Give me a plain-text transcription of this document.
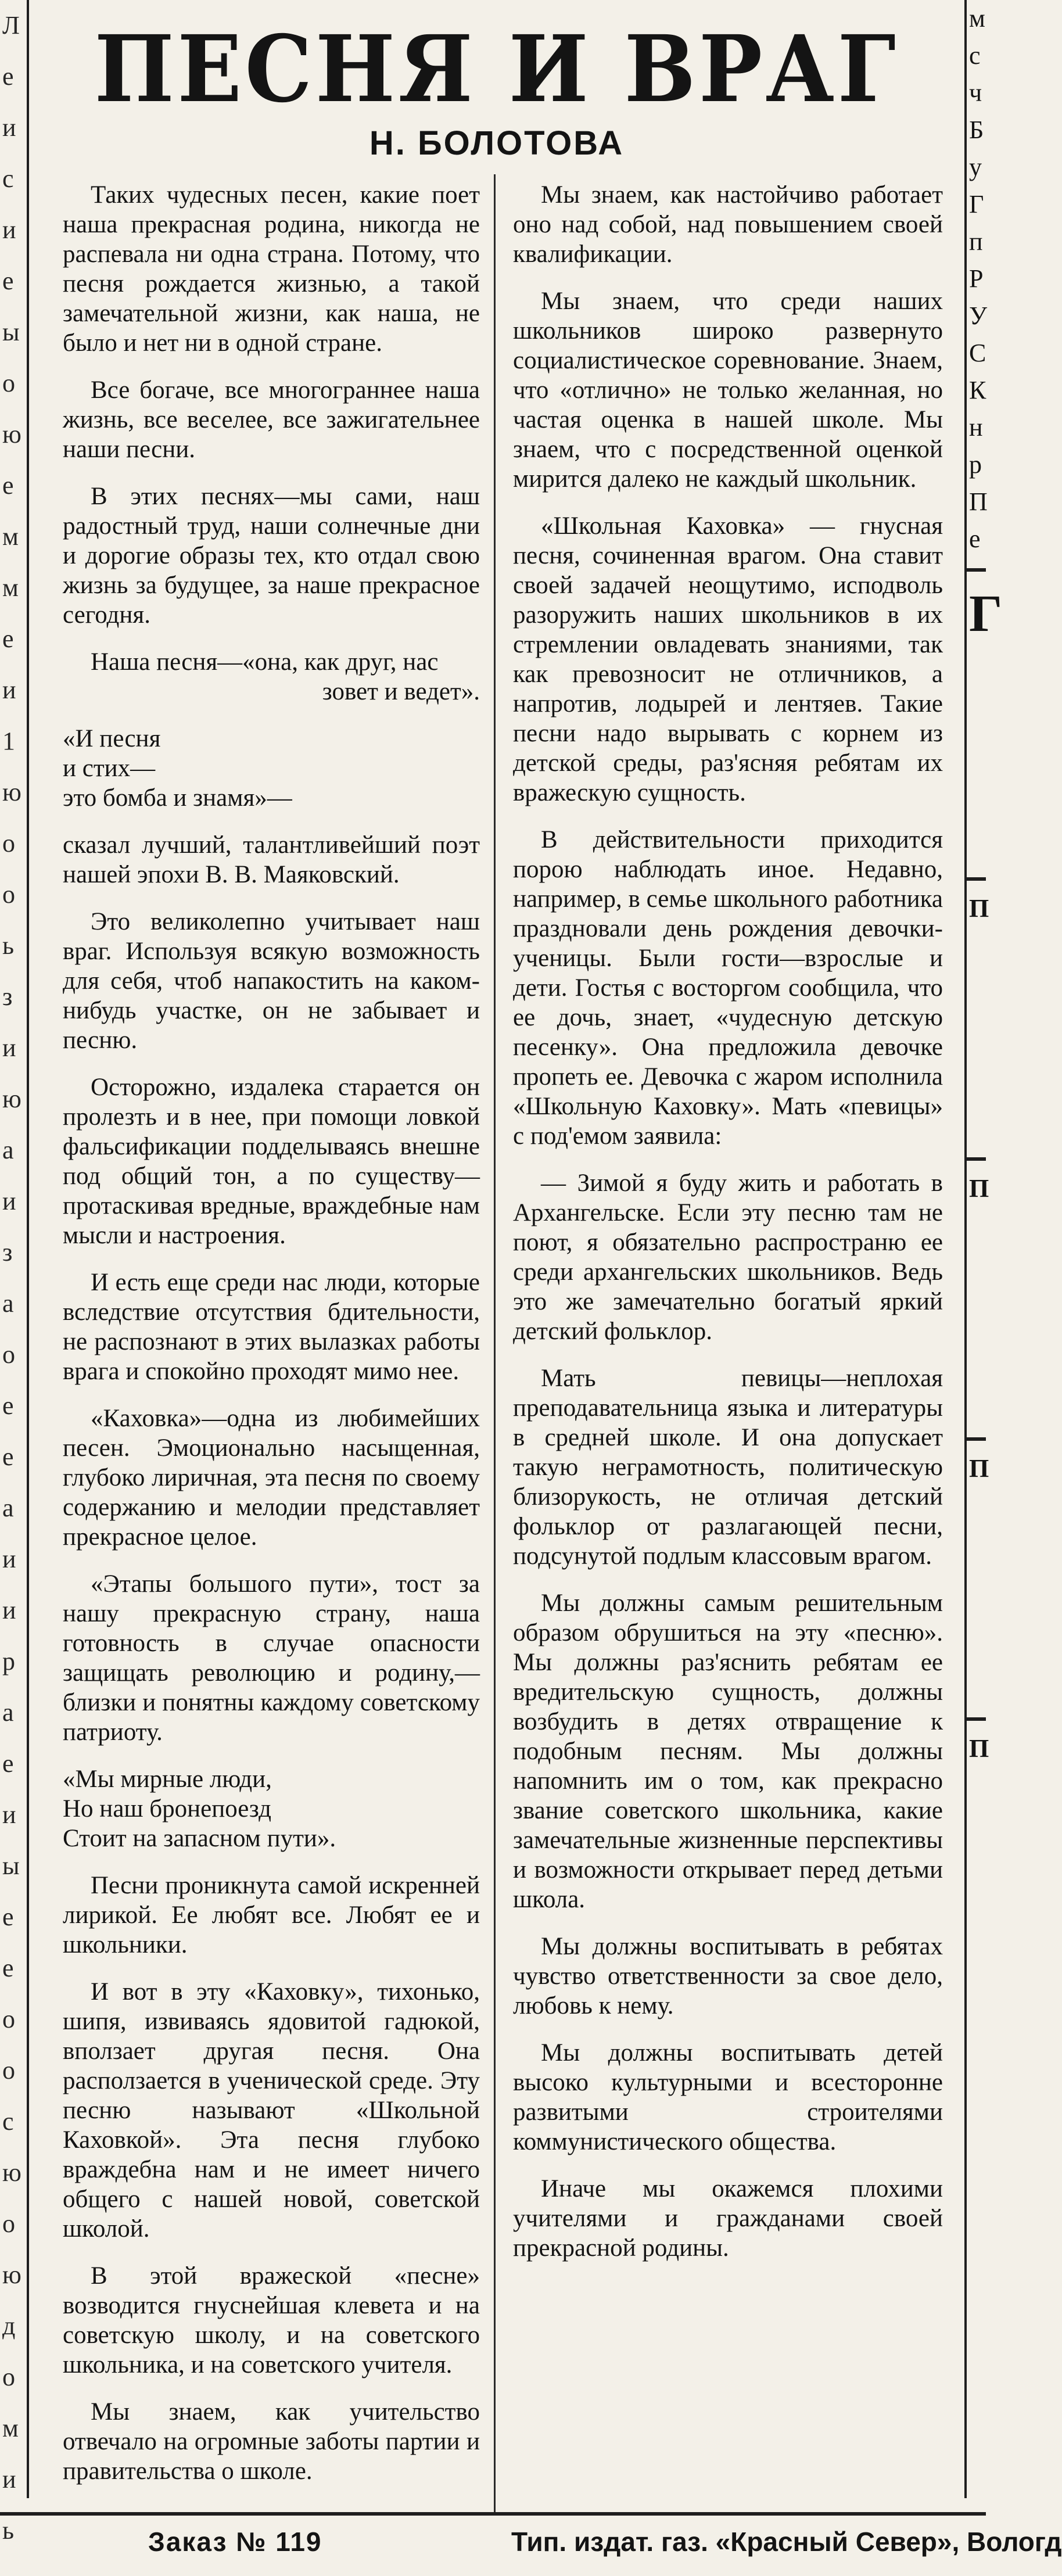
Л
е
и
с
и
е
ы
о
ю
е
м
м
е
и
1
ю
о
о
ь
з
и
ю
а
и
з
а
о
е
е
а
и
и
р
а
е
и
ы
е
е
о
о
с
ю
о
ю
д
о
м
и
ь
м
с
ч
Б
у
Г
п
Р
У
С
К
н
р
П
е
Г
П
П
П
П
ПЕСНЯ И ВРАГ
Н. БОЛОТОВА

Таких чудесных песен, какие поет наша прекрасная родина, никогда не распевала ни одна страна. Потому, что песня рождается жизнью, а такой замечательной жизни, как наша, не было и нет ни в одной стране.

Все богаче, все многограннее наша жизнь, все веселее, все зажигательнее наши песни.

В этих песнях—мы сами, наш радостный труд, наши солнечные дни и дорогие образы тех, кто отдал свою жизнь за будущее, за наше прекрасное сегодня.

Наша песня—«она, как друг, нас

зовет и ведет».

«И песня
и стих—
это бомба и знамя»—

сказал лучший, талантливейший поэт нашей эпохи В. В. Маяковский.

Это великолепно учитывает наш враг. Используя всякую возможность для себя, чтоб напакостить на каком-нибудь участке, он не забывает и песню.

Осторожно, издалека старается он пролезть и в нее, при помощи ловкой фальсификации подделываясь внешне под общий тон, а по существу—протаскивая вредные, враждебные нам мысли и настроения.

И есть еще среди нас люди, которые вследствие отсутствия бдительности, не распознают в этих вылазках работы врага и спокойно проходят мимо нее.

«Каховка»—одна из любимейших песен. Эмоционально насыщенная, глубоко лиричная, эта песня по своему содержанию и мелодии представляет прекрасное целое.

«Этапы большого пути», тост за нашу прекрасную страну, наша готовность в случае опасности защищать революцию и родину,—близки и понятны каждому советскому патриоту.

«Мы мирные люди,
Но наш бронепоезд
Стоит на запасном пути».

Песни проникнута самой искренней лирикой. Ее любят все. Любят ее и школьники.

И вот в эту «Каховку», тихонько, шипя, извиваясь ядовитой гадюкой, вползает другая песня. Она расползается в ученической среде. Эту песню называют «Школьной Каховкой». Эта песня глубоко враждебна нам и не имеет ничего общего с нашей новой, советской школой.

В этой вражеской «песне» возводится гнуснейшая клевета и на советскую школу, и на советского школьника, и на советского учителя.

Мы знаем, как учительство отвечало на огромные заботы партии и правительства о школе.

Мы знаем, как настойчиво работает оно над собой, над повышением своей квалификации.

Мы знаем, что среди наших школьников широко развернуто социалистическое соревнование. Знаем, что «отлично» не только желанная, но частая оценка в нашей школе. Мы знаем, что с посредственной оценкой мирится далеко не каждый школьник.

«Школьная Каховка» — гнусная песня, сочиненная врагом. Она ставит своей задачей неощутимо, исподволь разоружить наших школьников в их стремлении овладевать знаниями, так как превозносит не отличников, а напротив, лодырей и лентяев. Такие песни надо вырывать с корнем из детской среды, раз'ясняя ребятам их вражескую сущность.

В действительности приходится порою наблюдать иное. Недавно, например, в семье школьного работника праздновали день рождения девочки-ученицы. Были гости—взрослые и дети. Гостья с восторгом сообщила, что ее дочь, знает, «чудесную детскую песенку». Она предложила девочке пропеть ее. Девочка с жаром исполнила «Школьную Каховку». Мать «певицы» с под'емом заявила:

— Зимой я буду жить и работать в Архангельске. Если эту песню там не поют, я обязательно распространю ее среди архангельских школьников. Ведь это же замечательно богатый яркий детский фольклор.

Мать певицы—неплохая преподавательница языка и литературы в средней школе. И она допускает такую неграмотность, политическую близорукость, не отличая детский фольклор от разлагающей песни, подсунутой подлым классовым врагом.

Мы должны самым решительным образом обрушиться на эту «песню». Мы должны раз'яснить ребятам ее вредительскую сущность, должны возбудить в детях отвращение к подобным песням. Мы должны напомнить им о том, как прекрасно звание советского школьника, какие замечательные жизненные перспективы и возможности открывает перед детьми школа.

Мы должны воспитывать в ребятах чувство ответственности за свое дело, любовь к нему.

Мы должны воспитывать детей высоко культурными и всесторонне развитыми строителями коммунистического общества.

Иначе мы окажемся плохими учителями и гражданами своей прекрасной родины.

Заказ № 119	Тип. издат. газ. «Красный Север», Вологд
